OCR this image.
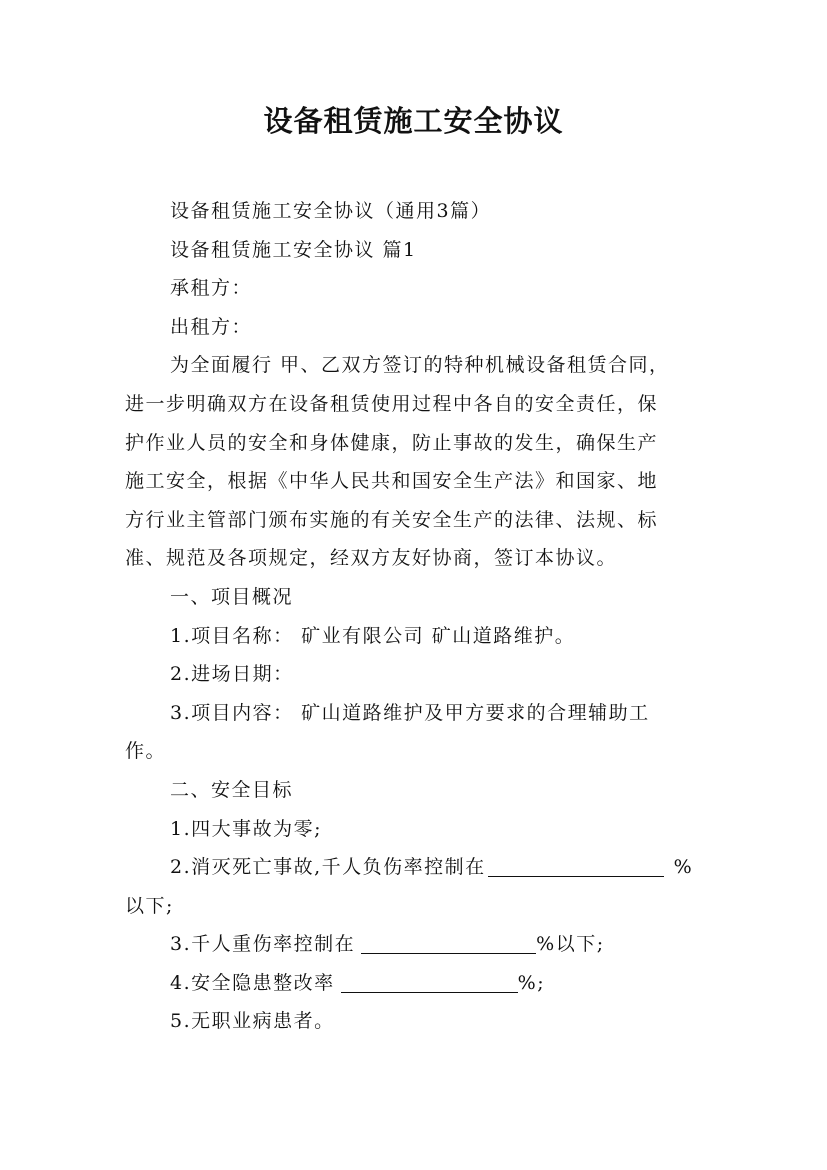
设备租赁施工安全协议

设备租赁施工安全协议（通用3篇）

设备租赁施工安全协议 篇1

承租方：

出租方：

为全面履行 甲、乙双方签订的特种机械设备租赁合同，

进一步明确双方在设备租赁使用过程中各自的安全责任，保

护作业人员的安全和身体健康，防止事故的发生，确保生产

施工安全，根据《中华人民共和国安全生产法》和国家、地

方行业主管部门颁布实施的有关安全生产的法律、法规、标

准、规范及各项规定，经双方友好协商，签订本协议。

一、项目概况

1.项目名称： 矿业有限公司 矿山道路维护。

2.进场日期：

3.项目内容： 矿山道路维护及甲方要求的合理辅助工

作。

二、安全目标

1.四大事故为零;

2.消灭死亡事故,千人负伤率控制在	%

以下;

3.千人重伤率控制在	%以下;

4.安全隐患整改率	%;

5.无职业病患者。
